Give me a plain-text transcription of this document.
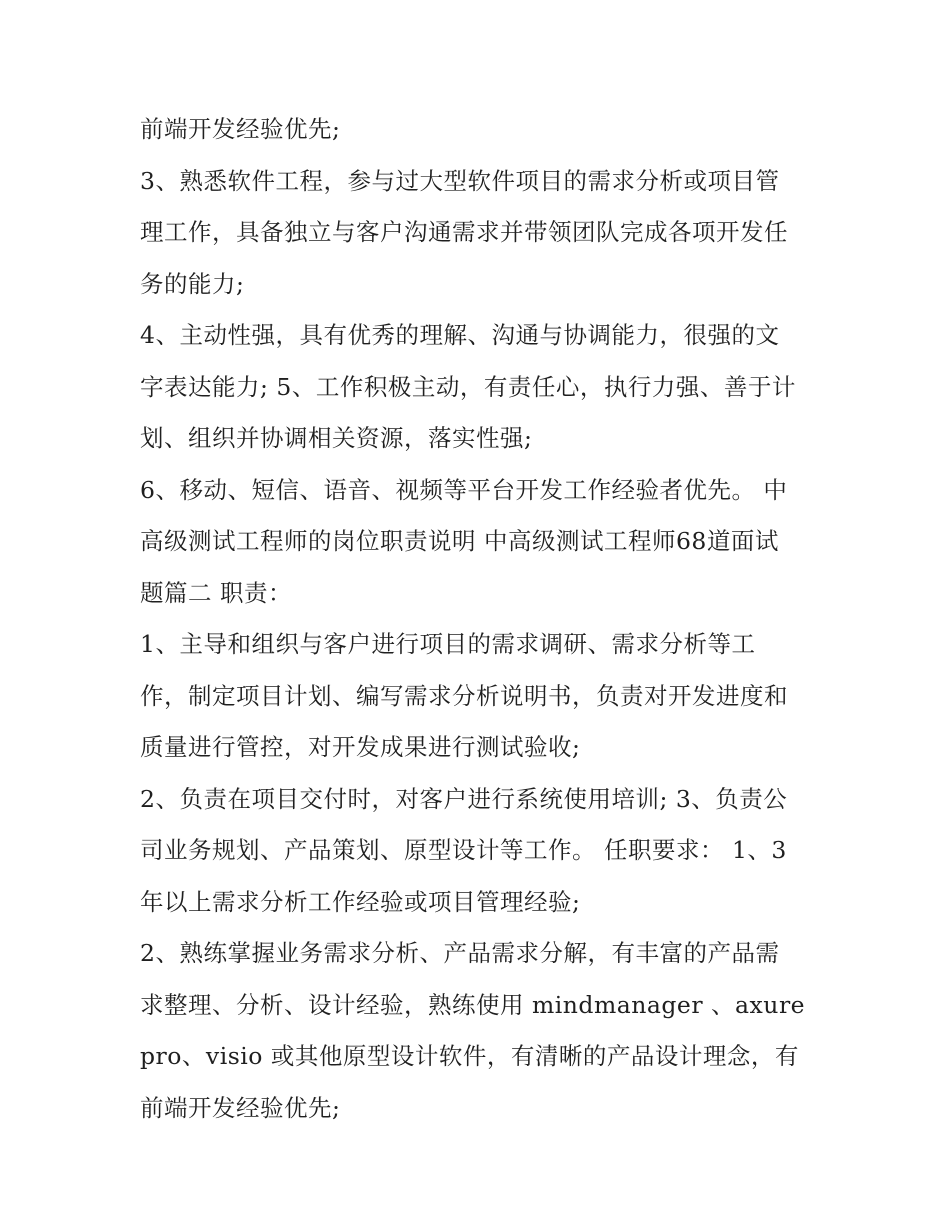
前端开发经验优先;
3、熟悉软件工程，参与过大型软件项目的需求分析或项目管
理工作，具备独立与客户沟通需求并带领团队完成各项开发任
务的能力;
4、主动性强，具有优秀的理解、沟通与协调能力，很强的文
字表达能力; 5、工作积极主动，有责任心，执行力强、善于计
划、组织并协调相关资源，落实性强;
6、移动、短信、语音、视频等平台开发工作经验者优先。 中
高级测试工程师的岗位职责说明 中高级测试工程师68道面试
题篇二 职责：
1、主导和组织与客户进行项目的需求调研、需求分析等工
作，制定项目计划、编写需求分析说明书，负责对开发进度和
质量进行管控，对开发成果进行测试验收;
2、负责在项目交付时，对客户进行系统使用培训; 3、负责公
司业务规划、产品策划、原型设计等工作。 任职要求： 1、3
年以上需求分析工作经验或项目管理经验;
2、熟练掌握业务需求分析、产品需求分解，有丰富的产品需
求整理、分析、设计经验，熟练使用 mindmanager 、axure
pro、visio 或其他原型设计软件，有清晰的产品设计理念，有
前端开发经验优先;
